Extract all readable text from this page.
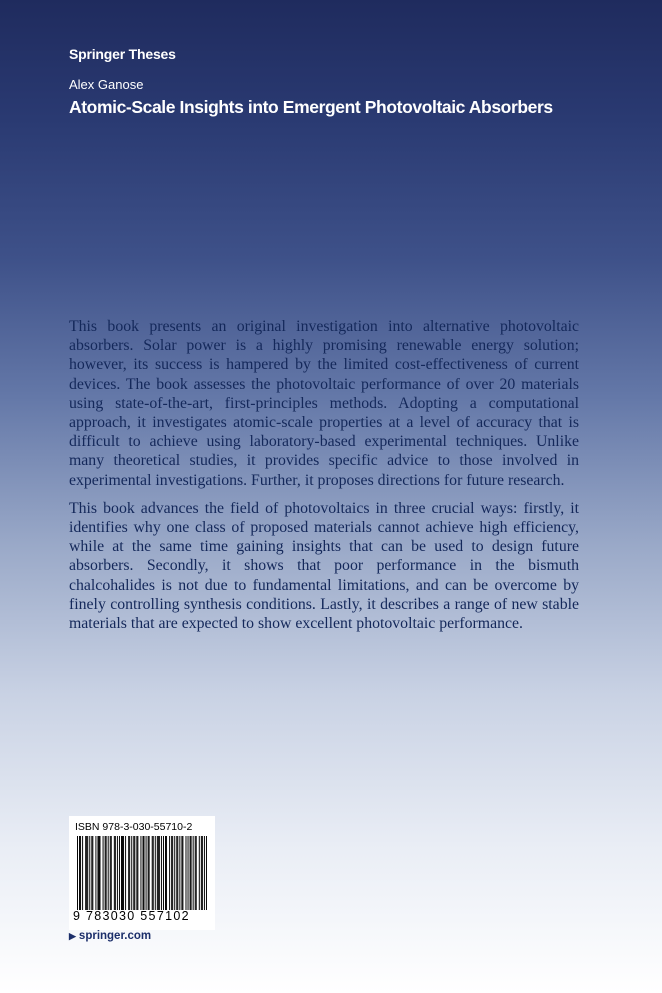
Springer Theses
Alex Ganose
Atomic-Scale Insights into Emergent Photovoltaic Absorbers

This book presents an original investigation into alternative photovoltaic absorbers. Solar power is a highly promising renewable energy solution; however, its success is hampered by the limited cost-effectiveness of current devices. The book assesses the photovoltaic performance of over 20 materials using state-of-the-art, first-principles methods. Adopting a computational approach, it investigates atomic-scale properties at a level of accuracy that is difficult to achieve using laboratory-based experimental techniques. Unlike many theoretical studies, it provides specific advice to those involved in experimental investigations. Further, it proposes directions for future research.

This book advances the field of photovoltaics in three crucial ways: firstly, it identifies why one class of proposed materials cannot achieve high efficiency, while at the same time gaining insights that can be used to design future absorbers. Secondly, it shows that poor performance in the bismuth chalcohalides is not due to fundamental limitations, and can be overcome by finely controlling synthesis conditions. Lastly, it describes a range of new stable materials that are expected to show excellent photovoltaic performance.

ISBN 978-3-030-55710-2
9 783030 557102
▶ springer.com
